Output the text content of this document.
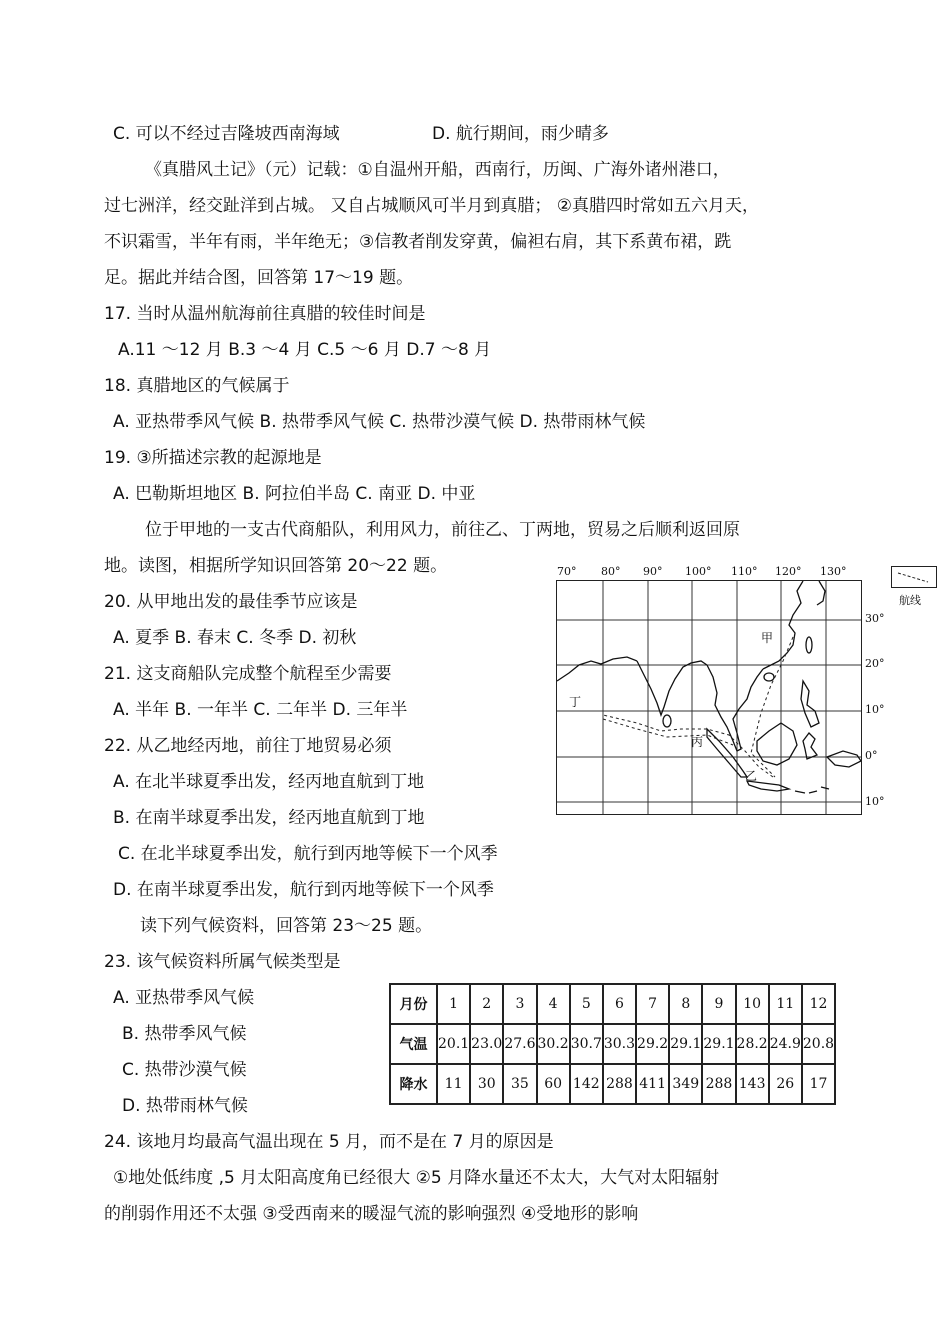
C. 可以不经过吉隆坡西南海域	D. 航行期间，雨少晴多
《真腊风土记》（元）记载：①自温州开船，西南行，历闽、广海外诸州港口，
过七洲洋，经交趾洋到占城。 又自占城顺风可半月到真腊； ②真腊四时常如五六月天，
不识霜雪，半年有雨，半年绝无；③信教者削发穿黄，偏袒右肩，其下系黄布裙，跣
足。据此并结合图，回答第 17～19 题。
17. 当时从温州航海前往真腊的较佳时间是
A.11 ～12 月 B.3 ～4 月 C.5 ～6 月 D.7 ～8 月
18. 真腊地区的气候属于
A. 亚热带季风气候 B. 热带季风气候 C. 热带沙漠气候 D. 热带雨林气候
19. ③所描述宗教的起源地是
A. 巴勒斯坦地区 B. 阿拉伯半岛 C. 南亚 D. 中亚
位于甲地的一支古代商船队，利用风力，前往乙、丁两地，贸易之后顺利返回原
地。读图，相据所学知识回答第 20～22 题。
20. 从甲地出发的最佳季节应该是
A. 夏季 B. 春末 C. 冬季 D. 初秋
21. 这支商船队完成整个航程至少需要
A. 半年 B. 一年半 C. 二年半 D. 三年半
22. 从乙地经丙地，前往丁地贸易必须
A. 在北半球夏季出发，经丙地直航到丁地
B. 在南半球夏季出发，经丙地直航到丁地
C. 在北半球夏季出发，航行到丙地等候下一个风季
D. 在南半球夏季出发，航行到丙地等候下一个风季
读下列气候资料，回答第 23～25 题。
23. 该气候资料所属气候类型是
A. 亚热带季风气候
B. 热带季风气候
C. 热带沙漠气候
D. 热带雨林气候
24. 该地月均最高气温出现在 5 月，而不是在 7 月的原因是
①地处低纬度 ,5 月太阳高度角已经很大 ②5 月降水量还不太大，大气对太阳辐射
的削弱作用还不太强 ③受西南来的暖湿气流的影响强烈 ④受地形的影响
70° 80° 90° 100° 110° 120° 130°
甲
乙
丙
丁
30°
20°
10°
0°
10°
航线
月份	1	2	3	4	5	6	7	8	9	10	11	12
气温	20.1	23.0	27.6	30.2	30.7	30.3	29.2	29.1	29.1	28.2	24.9	20.8
降水	11	30	35	60	142	288	411	349	288	143	26	17
